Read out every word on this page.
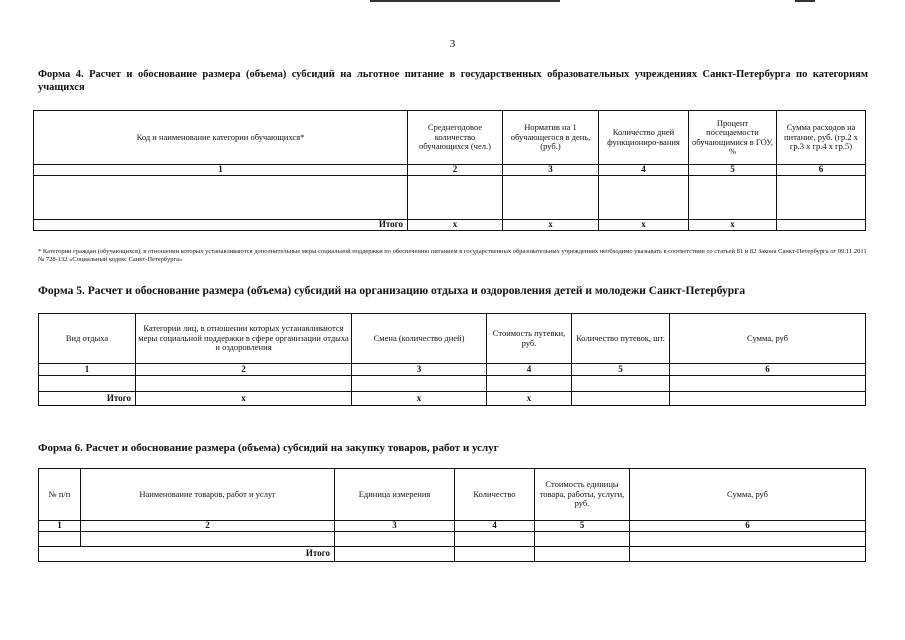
3
Форма 4. Расчет и обоснование размера (объема) субсидий на льготное питание в государственных образовательных учреждениях Санкт-Петербурга по категориям учащихся
Код и наименование категории обучающихся*	Среднегодовое количество обучающихся (чел.)	Норматив на 1 обучающегося в день, (руб.)	Количество дней функциониро-вания	Процент посещаемости обучающимися в ГОУ, %	Сумма расходов на питание, руб. (гр.2 х гр.3 х гр.4 х гр.5)
1	2	3	4	5	6

Итого	х	х	х	х	
* Категории граждан (обучающихся), в отношении которых устанавливаются дополнительные меры социальной поддержки по обеспечению питанием в государственных образовательных учреждениях необходимо указывать в соответствии со статьей 81 и 82 Закона Санкт-Петербурга от 09.11.2011 № 728-132 «Социальный кодекс Санкт-Петербурга»
Форма 5. Расчет и обоснование размера (объема) субсидий на организацию отдыха и оздоровления детей и молодежи Санкт-Петербурга
Вид отдыха	Категории лиц, в отношении которых устанавливаются меры социальной поддержки в сфере организации отдыха и оздоровления	Смена (количество дней)	Стоимость путевки, руб.	Количество путевок, шт.	Сумма, руб
1	2	3	4	5	6

Итого	х	х	х		
Форма 6. Расчет и обоснование размера (объема) субсидий на закупку товаров, работ и услуг
№ п/п	Наименование товаров, работ и услуг	Единица измерения	Количество	Стоимость единицы товара, работы, услуги, руб.	Сумма, руб
1	2	3	4	5	6

Итого					
